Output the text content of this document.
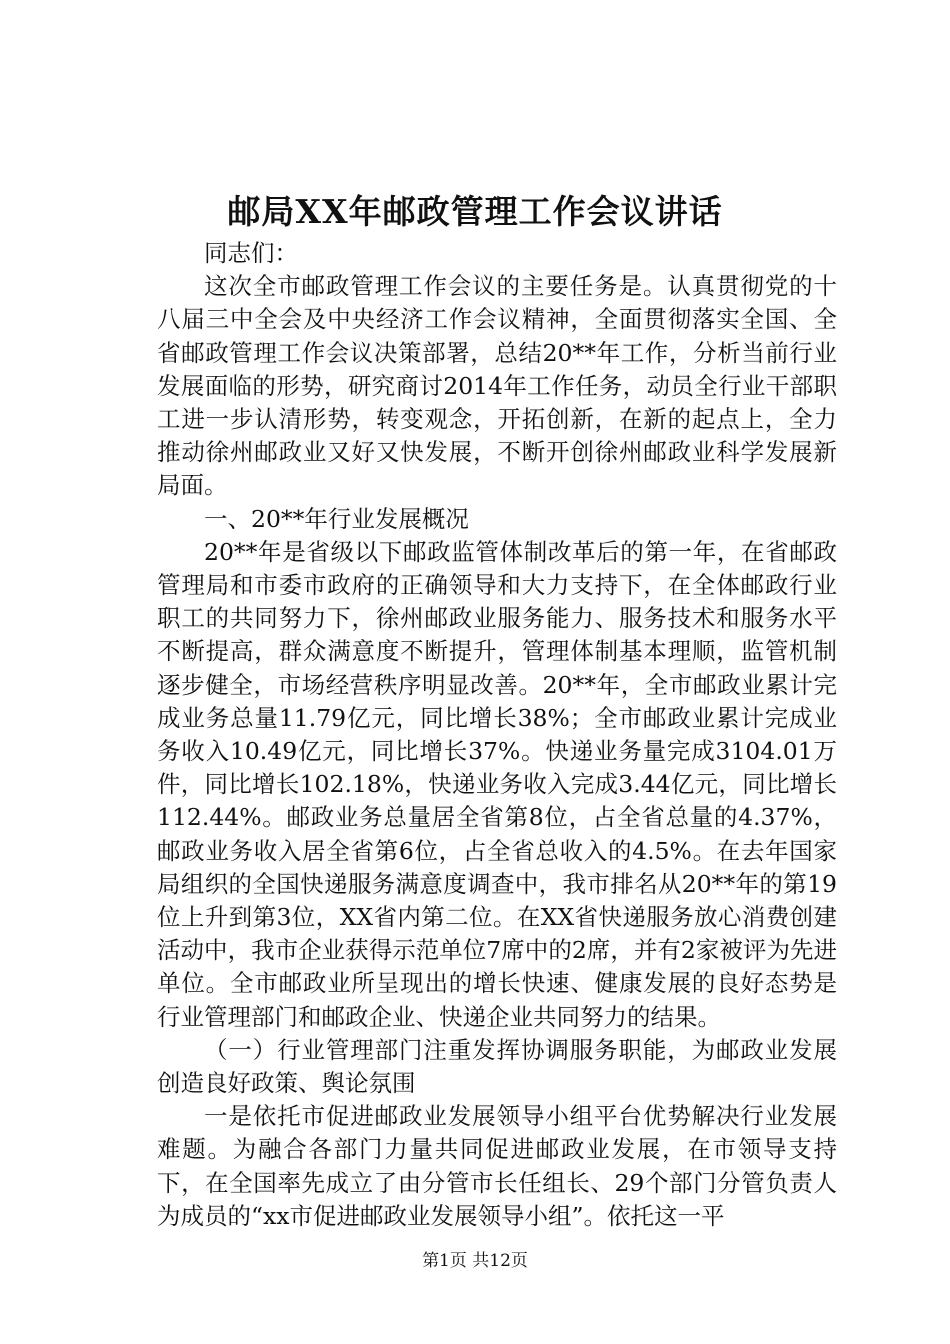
邮局XX年邮政管理工作会议讲话

同志们：

这次全市邮政管理工作会议的主要任务是。认真贯彻党的十八届三中全会及中央经济工作会议精神，全面贯彻落实全国、全省邮政管理工作会议决策部署，总结20**年工作，分析当前行业发展面临的形势，研究商讨2014年工作任务，动员全行业干部职工进一步认清形势，转变观念，开拓创新，在新的起点上，全力推动徐州邮政业又好又快发展，不断开创徐州邮政业科学发展新局面。

一、20**年行业发展概况

20**年是省级以下邮政监管体制改革后的第一年，在省邮政管理局和市委市政府的正确领导和大力支持下，在全体邮政行业职工的共同努力下，徐州邮政业服务能力、服务技术和服务水平不断提高，群众满意度不断提升，管理体制基本理顺，监管机制逐步健全，市场经营秩序明显改善。20**年，全市邮政业累计完成业务总量11.79亿元，同比增长38%；全市邮政业累计完成业务收入10.49亿元，同比增长37%。快递业务量完成3104.01万件，同比增长102.18%，快递业务收入完成3.44亿元，同比增长112.44%。邮政业务总量居全省第8位，占全省总量的4.37%，邮政业务收入居全省第6位，占全省总收入的4.5%。在去年国家局组织的全国快递服务满意度调查中，我市排名从20**年的第19位上升到第3位，XX省内第二位。在XX省快递服务放心消费创建活动中，我市企业获得示范单位7席中的2席，并有2家被评为先进单位。全市邮政业所呈现出的增长快速、健康发展的良好态势是行业管理部门和邮政企业、快递企业共同努力的结果。

（一）行业管理部门注重发挥协调服务职能，为邮政业发展创造良好政策、舆论氛围

一是依托市促进邮政业发展领导小组平台优势解决行业发展难题。为融合各部门力量共同促进邮政业发展，在市领导支持下，在全国率先成立了由分管市长任组长、29个部门分管负责人为成员的“xx市促进邮政业发展领导小组”。依托这一平

第1页 共12页
